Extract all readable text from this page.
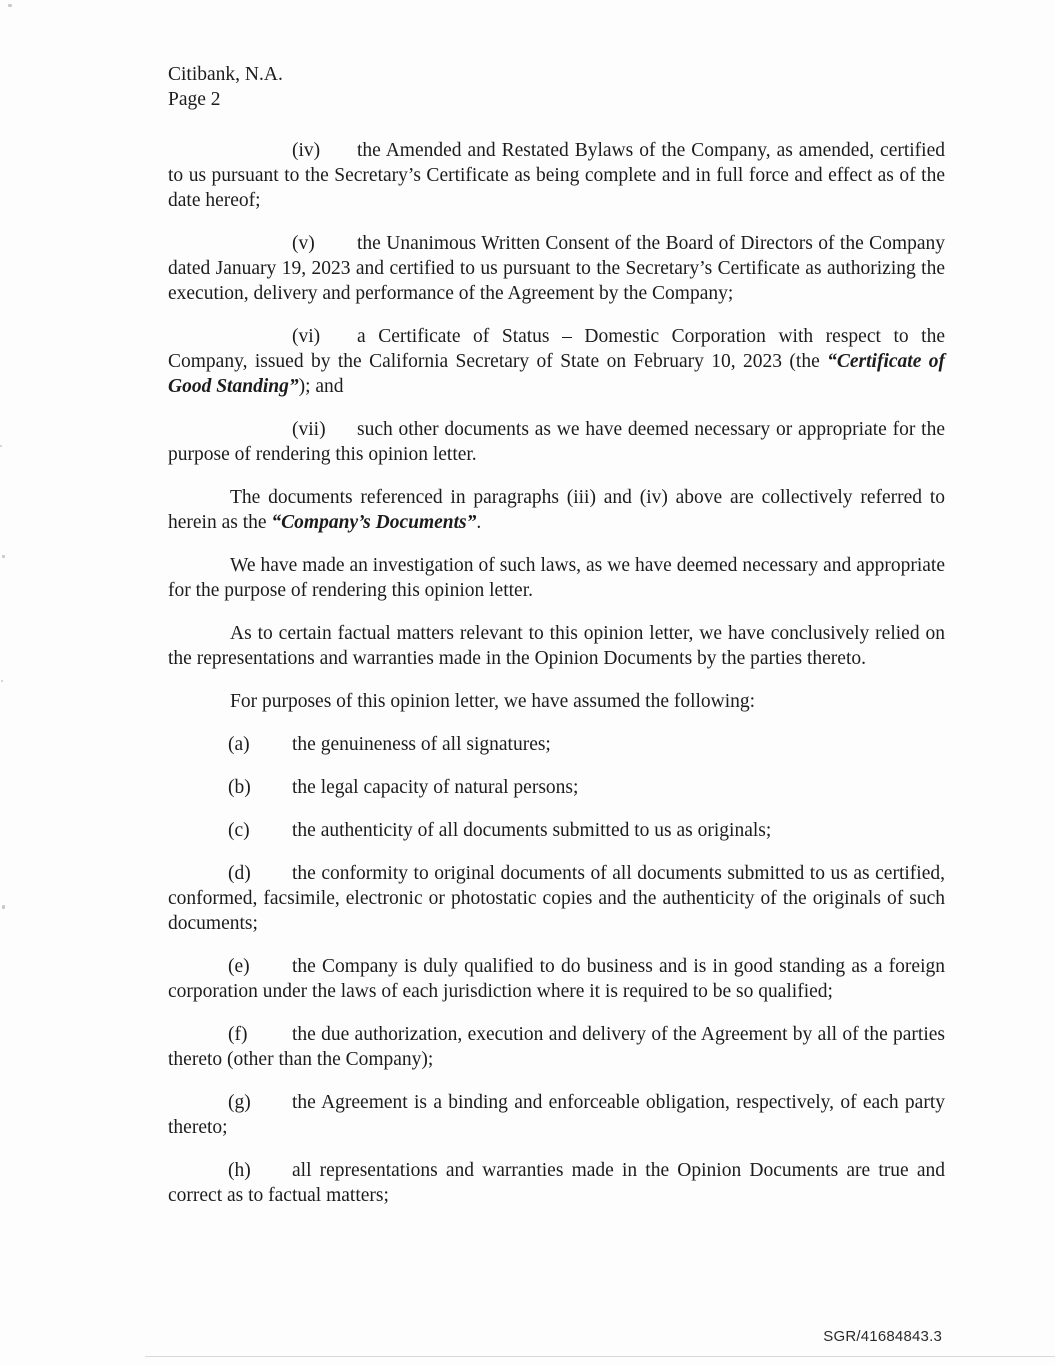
Citibank, N.A.

Page 2

(iv) the Amended and Restated Bylaws of the Company, as amended, certified to us pursuant to the Secretary’s Certificate as being complete and in full force and effect as of the date hereof;

(v) the Unanimous Written Consent of the Board of Directors of the Company dated January 19, 2023 and certified to us pursuant to the Secretary’s Certificate as authorizing the execution, delivery and performance of the Agreement by the Company;

(vi) a Certificate of Status – Domestic Corporation with respect to the Company, issued by the California Secretary of State on February 10, 2023 (the “Certificate of Good Standing”); and

(vii) such other documents as we have deemed necessary or appropriate for the purpose of rendering this opinion letter.

The documents referenced in paragraphs (iii) and (iv) above are collectively referred to herein as the “Company’s Documents”.

We have made an investigation of such laws, as we have deemed necessary and appropriate for the purpose of rendering this opinion letter.

As to certain factual matters relevant to this opinion letter, we have conclusively relied on the representations and warranties made in the Opinion Documents by the parties thereto.

For purposes of this opinion letter, we have assumed the following:

(a) the genuineness of all signatures;

(b) the legal capacity of natural persons;

(c) the authenticity of all documents submitted to us as originals;

(d) the conformity to original documents of all documents submitted to us as certified, conformed, facsimile, electronic or photostatic copies and the authenticity of the originals of such documents;

(e) the Company is duly qualified to do business and is in good standing as a foreign corporation under the laws of each jurisdiction where it is required to be so qualified;

(f) the due authorization, execution and delivery of the Agreement by all of the parties thereto (other than the Company);

(g) the Agreement is a binding and enforceable obligation, respectively, of each party thereto;

(h) all representations and warranties made in the Opinion Documents are true and correct as to factual matters;

SGR/41684843.3
